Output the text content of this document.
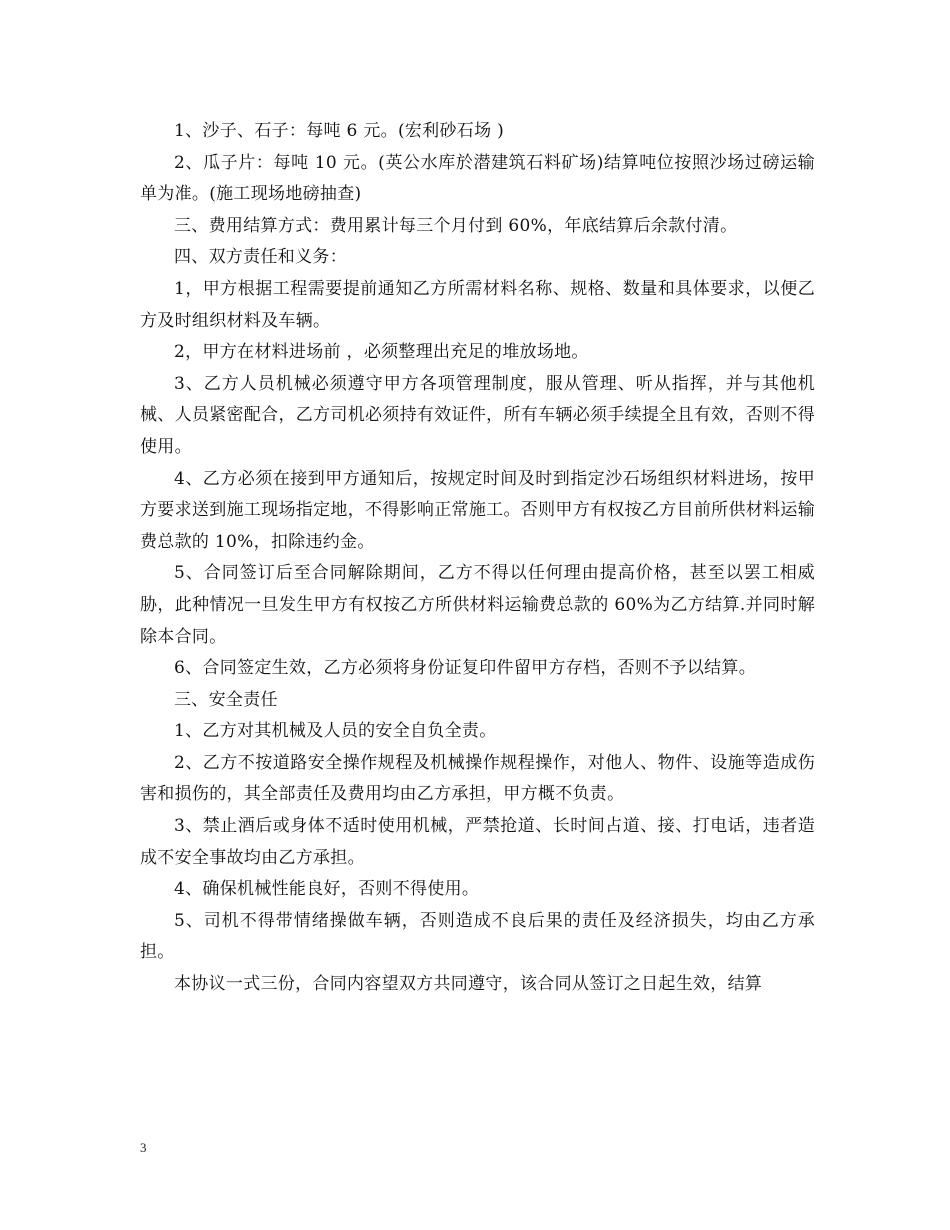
1、沙子、石子：每吨 6 元。(宏利砂石场 )

2、瓜子片：每吨 10 元。(英公水库於潜建筑石料矿场)结算吨位按照沙场过磅运输单为准。(施工现场地磅抽查)

三、费用结算方式：费用累计每三个月付到 60%，年底结算后余款付清。

四、双方责任和义务：

1，甲方根据工程需要提前通知乙方所需材料名称、规格、数量和具体要求，以便乙方及时组织材料及车辆。

2，甲方在材料进场前 ，必须整理出充足的堆放场地。

3、乙方人员机械必须遵守甲方各项管理制度，服从管理、听从指挥，并与其他机械、人员紧密配合，乙方司机必须持有效证件，所有车辆必须手续提全且有效，否则不得使用。

4、乙方必须在接到甲方通知后，按规定时间及时到指定沙石场组织材料进场，按甲方要求送到施工现场指定地，不得影响正常施工。否则甲方有权按乙方目前所供材料运输费总款的 10%，扣除违约金。

5、合同签订后至合同解除期间，乙方不得以任何理由提高价格，甚至以罢工相威胁，此种情况一旦发生甲方有权按乙方所供材料运输费总款的 60%为乙方结算.并同时解除本合同。

6、合同签定生效，乙方必须将身份证复印件留甲方存档，否则不予以结算。

三、安全责任

1、乙方对其机械及人员的安全自负全责。

2、乙方不按道路安全操作规程及机械操作规程操作，对他人、物件、设施等造成伤害和损伤的，其全部责任及费用均由乙方承担，甲方概不负责。

3、禁止酒后或身体不适时使用机械，严禁抢道、长时间占道、接、打电话，违者造成不安全事故均由乙方承担。

4、确保机械性能良好，否则不得使用。

5、司机不得带情绪操做车辆，否则造成不良后果的责任及经济损失，均由乙方承担。

本协议一式三份，合同内容望双方共同遵守，该合同从签订之日起生效，结算

3
